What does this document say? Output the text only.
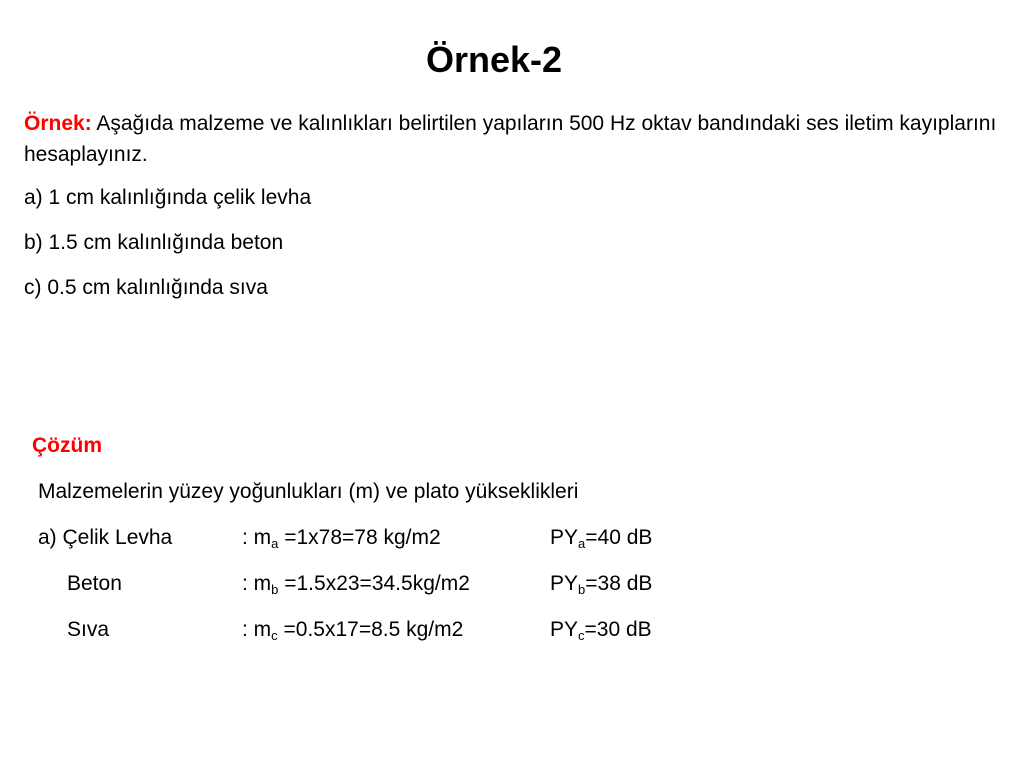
Örnek-2

Örnek: Aşağıda malzeme ve kalınlıkları belirtilen yapıların 500 Hz oktav bandındaki ses iletim kayıplarını hesaplayınız.

a) 1 cm kalınlığında çelik levha

b) 1.5 cm kalınlığında beton

c) 0.5 cm kalınlığında sıva

Çözüm
Malzemelerin yüzey yoğunlukları (m) ve plato yükseklikleri
a) Çelik Levha	: $m_a =1x78=78$ kg/m2	$PY_a=40$ dB
Beton	: $m_b =1.5x23=34.5kg/m2$	$PY_b=38$ dB
Sıva	: $m_c =0.5x17=8.5$ kg/m2	$PY_c=30$ dB
